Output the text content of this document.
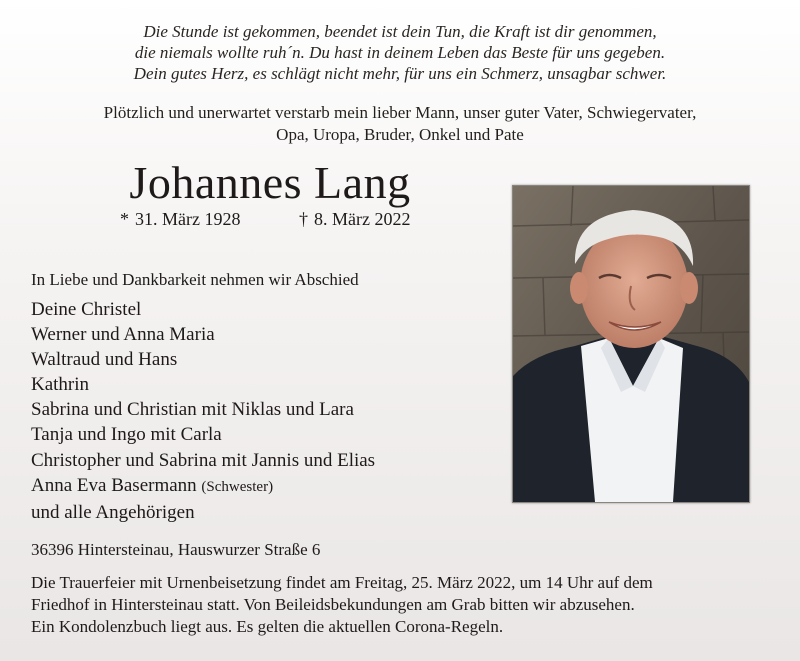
Die Stunde ist gekommen, beendet ist dein Tun, die Kraft ist dir genommen,
die niemals wollte ruh´n. Du hast in deinem Leben das Beste für uns gegeben.
Dein gutes Herz, es schlägt nicht mehr, für uns ein Schmerz, unsagbar schwer.
Plötzlich und unerwartet verstarb mein lieber Mann, unser guter Vater, Schwiegervater,
Opa, Uropa, Bruder, Onkel und Pate
Johannes Lang
* 31. März 1928	† 8. März 2022
In Liebe und Dankbarkeit nehmen wir Abschied
Deine Christel
Werner und Anna Maria
Waltraud und Hans
Kathrin
Sabrina und Christian mit Niklas und Lara
Tanja und Ingo mit Carla
Christopher und Sabrina mit Jannis und Elias
Anna Eva Basermann (Schwester)
und alle Angehörigen
36396 Hintersteinau, Hauswurzer Straße 6
Die Trauerfeier mit Urnenbeisetzung findet am Freitag, 25. März 2022, um 14 Uhr auf dem
Friedhof in Hintersteinau statt. Von Beileidsbekundungen am Grab bitten wir abzusehen.
Ein Kondolenzbuch liegt aus. Es gelten die aktuellen Corona-Regeln.
